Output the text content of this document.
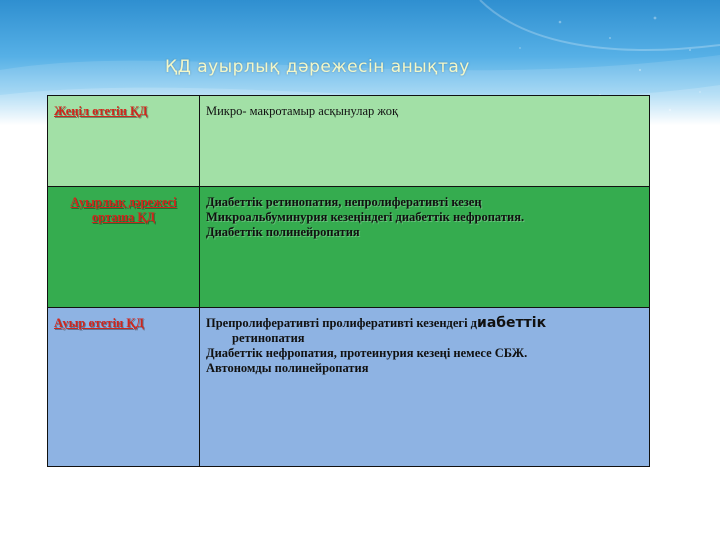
ҚД ауырлық дәрежесін анықтау
Жеңіл өтетін ҚД	Микро- макротамыр асқынулар жоқ

Ауырлық дәрежесі
орташа ҚД	Диабеттік ретинопатия, непролиферативті кезең
Микроальбуминурия кезеңіндегі диабеттік нефропатия.
Диабеттік полинейропатия

Ауыр өтетін ҚД	Препролиферативті пролиферативті кезендегі диабеттік
ретинопатия
Диабеттік нефропатия, протеинурия кезеңі немесе СБЖ.
Автономды полинейропатия
